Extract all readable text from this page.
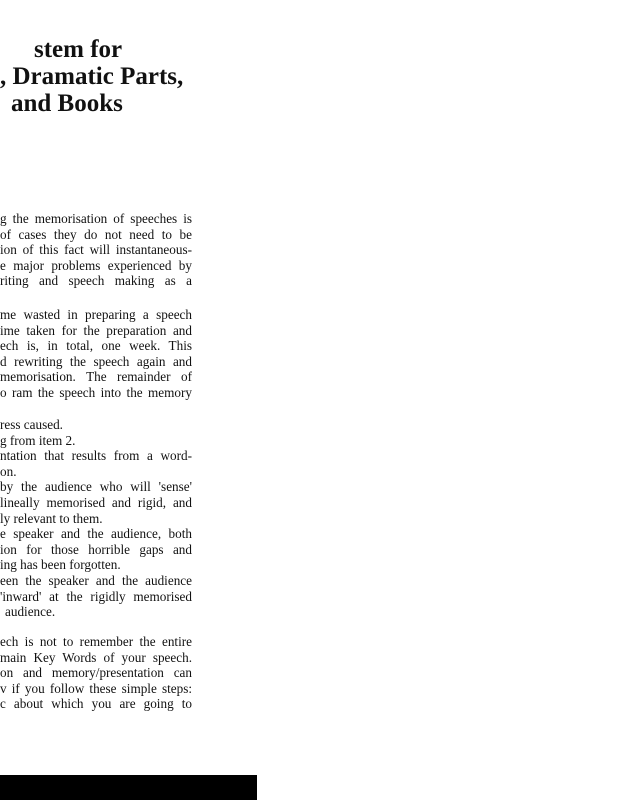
stem for
, Dramatic Parts,
and Books
g the memorisation of speeches is
of cases they do not need to be
ion of this fact will instantaneous-
e major problems experienced by
riting and speech making as a
me wasted in preparing a speech
ime taken for the preparation and
ech is, in total, one week. This
d rewriting the speech again and
memorisation. The remainder of
o ram the speech into the memory
ress caused.
g from item 2.
ntation that results from a word-
on.
by the audience who will 'sense'
lineally memorised and rigid, and
ly relevant to them.
e speaker and the audience, both
ion for those horrible gaps and
ing has been forgotten.
een the speaker and the audience
'inward' at the rigidly memorised
audience.
ech is not to remember the entire
main Key Words of your speech.
on and memory/presentation can
v if you follow these simple steps:
c about which you are going to
